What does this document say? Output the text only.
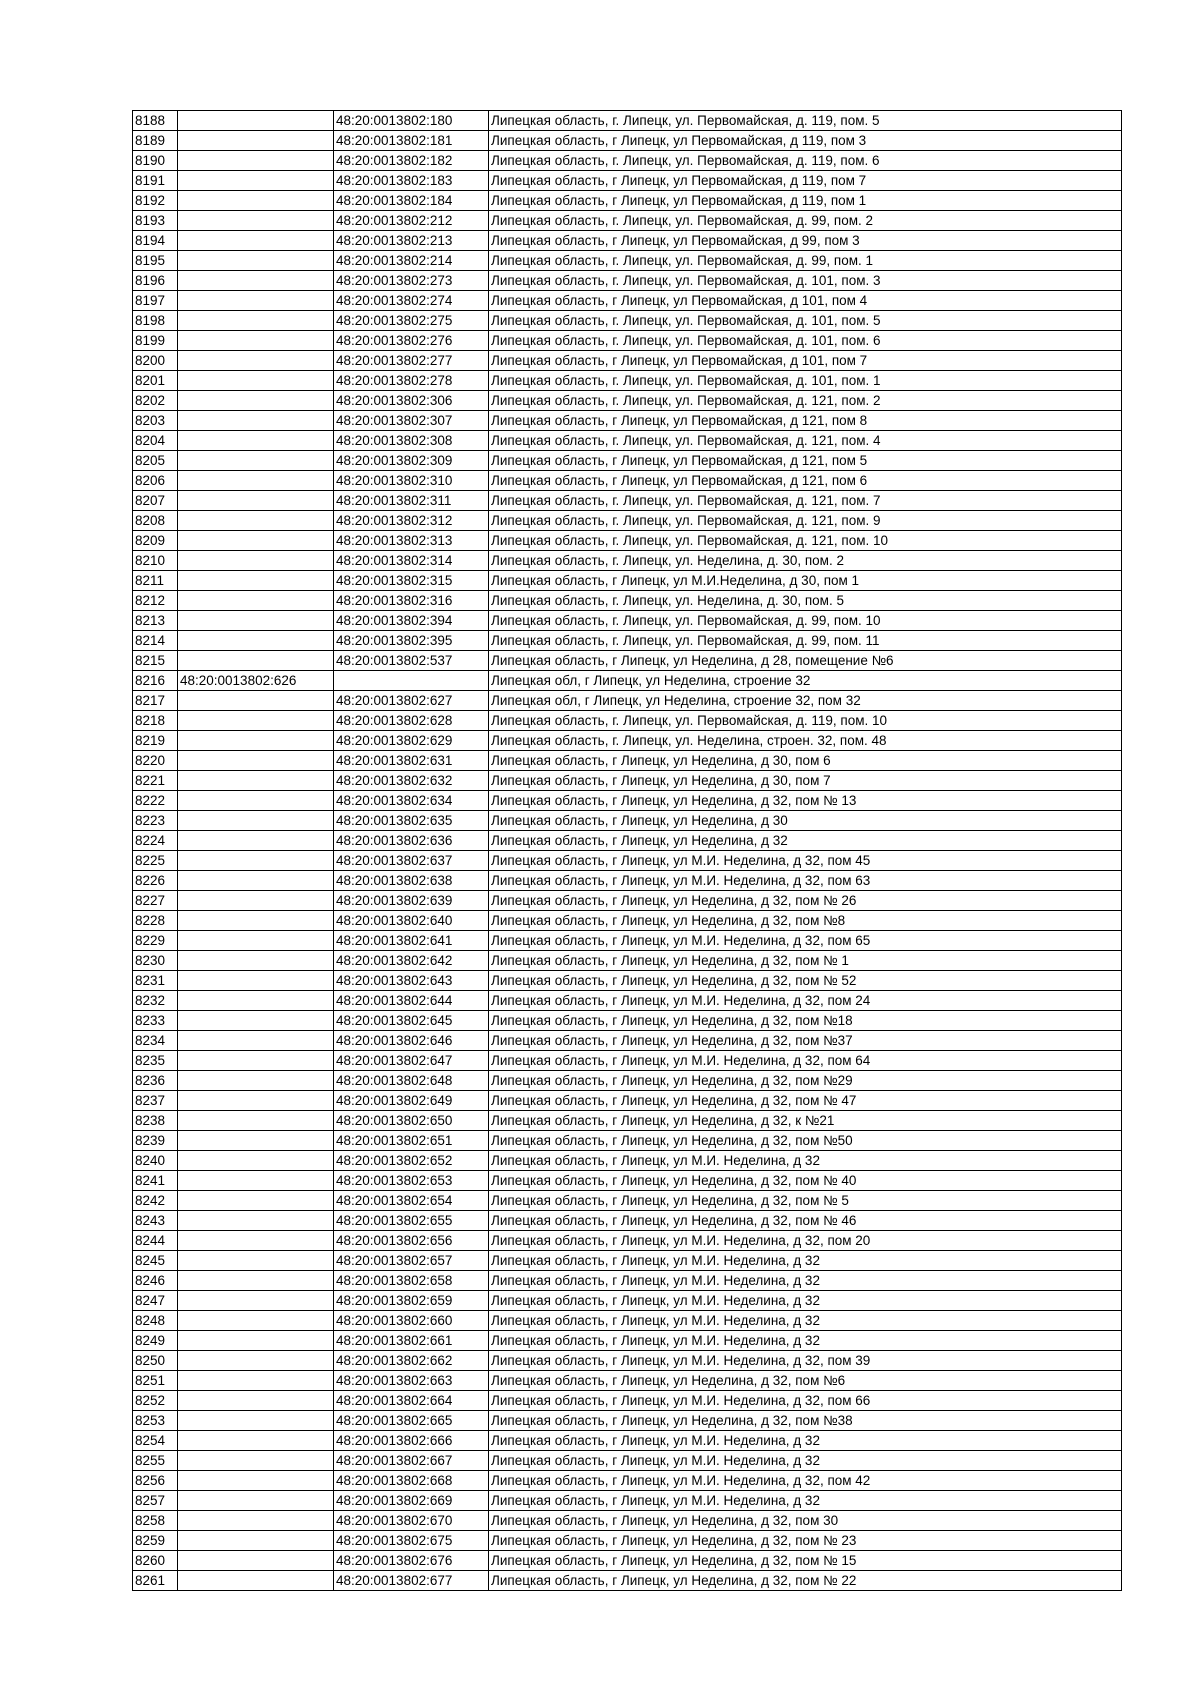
8188		48:20:0013802:180	Липецкая область, г. Липецк, ул. Первомайская, д. 119, пом. 5
8189		48:20:0013802:181	Липецкая область, г Липецк, ул Первомайская, д 119, пом 3
8190		48:20:0013802:182	Липецкая область, г. Липецк, ул. Первомайская, д. 119, пом. 6
8191		48:20:0013802:183	Липецкая область, г Липецк, ул Первомайская, д 119, пом 7
8192		48:20:0013802:184	Липецкая область, г Липецк, ул Первомайская, д 119, пом 1
8193		48:20:0013802:212	Липецкая область, г. Липецк, ул. Первомайская, д. 99, пом. 2
8194		48:20:0013802:213	Липецкая область, г Липецк, ул Первомайская, д 99, пом 3
8195		48:20:0013802:214	Липецкая область, г. Липецк, ул. Первомайская, д. 99, пом. 1
8196		48:20:0013802:273	Липецкая область, г. Липецк, ул. Первомайская, д. 101, пом. 3
8197		48:20:0013802:274	Липецкая область, г Липецк, ул Первомайская, д 101, пом 4
8198		48:20:0013802:275	Липецкая область, г. Липецк, ул. Первомайская, д. 101, пом. 5
8199		48:20:0013802:276	Липецкая область, г. Липецк, ул. Первомайская, д. 101, пом. 6
8200		48:20:0013802:277	Липецкая область, г Липецк, ул Первомайская, д 101, пом 7
8201		48:20:0013802:278	Липецкая область, г. Липецк, ул. Первомайская, д. 101, пом. 1
8202		48:20:0013802:306	Липецкая область, г. Липецк, ул. Первомайская, д. 121, пом. 2
8203		48:20:0013802:307	Липецкая область, г Липецк, ул Первомайская, д 121, пом 8
8204		48:20:0013802:308	Липецкая область, г. Липецк, ул. Первомайская, д. 121, пом. 4
8205		48:20:0013802:309	Липецкая область, г Липецк, ул Первомайская, д 121, пом 5
8206		48:20:0013802:310	Липецкая область, г Липецк, ул Первомайская, д 121, пом 6
8207		48:20:0013802:311	Липецкая область, г. Липецк, ул. Первомайская, д. 121, пом. 7
8208		48:20:0013802:312	Липецкая область, г. Липецк, ул. Первомайская, д. 121, пом. 9
8209		48:20:0013802:313	Липецкая область, г. Липецк, ул. Первомайская, д. 121, пом. 10
8210		48:20:0013802:314	Липецкая область, г. Липецк, ул. Неделина, д. 30, пом. 2
8211		48:20:0013802:315	Липецкая область, г Липецк, ул М.И.Неделина, д 30, пом 1
8212		48:20:0013802:316	Липецкая область, г. Липецк, ул. Неделина, д. 30, пом. 5
8213		48:20:0013802:394	Липецкая область, г. Липецк, ул. Первомайская, д. 99, пом. 10
8214		48:20:0013802:395	Липецкая область, г. Липецк, ул. Первомайская, д. 99, пом. 11
8215		48:20:0013802:537	Липецкая область, г Липецк, ул Неделина, д 28, помещение №6
8216	48:20:0013802:626		Липецкая обл, г Липецк, ул Неделина, строение 32
8217		48:20:0013802:627	Липецкая обл, г Липецк, ул Неделина, строение 32, пом 32
8218		48:20:0013802:628	Липецкая область, г. Липецк, ул. Первомайская, д. 119, пом. 10
8219		48:20:0013802:629	Липецкая область, г. Липецк, ул. Неделина, строен. 32, пом. 48
8220		48:20:0013802:631	Липецкая область, г Липецк, ул Неделина, д 30, пом 6
8221		48:20:0013802:632	Липецкая область, г Липецк, ул Неделина, д 30, пом 7
8222		48:20:0013802:634	Липецкая область, г Липецк, ул Неделина, д 32, пом № 13
8223		48:20:0013802:635	Липецкая область, г Липецк, ул Неделина, д 30
8224		48:20:0013802:636	Липецкая область, г Липецк, ул Неделина, д 32
8225		48:20:0013802:637	Липецкая область, г Липецк, ул М.И. Неделина, д 32, пом 45
8226		48:20:0013802:638	Липецкая область, г Липецк, ул М.И. Неделина, д 32, пом 63
8227		48:20:0013802:639	Липецкая область, г Липецк, ул Неделина, д 32, пом № 26
8228		48:20:0013802:640	Липецкая область, г Липецк, ул Неделина, д 32, пом №8
8229		48:20:0013802:641	Липецкая область, г Липецк, ул М.И. Неделина, д 32, пом 65
8230		48:20:0013802:642	Липецкая область, г Липецк, ул Неделина, д 32, пом № 1
8231		48:20:0013802:643	Липецкая область, г Липецк, ул Неделина, д 32, пом № 52
8232		48:20:0013802:644	Липецкая область, г Липецк, ул М.И. Неделина, д 32, пом 24
8233		48:20:0013802:645	Липецкая область, г Липецк, ул Неделина, д 32, пом №18
8234		48:20:0013802:646	Липецкая область, г Липецк, ул Неделина, д 32, пом №37
8235		48:20:0013802:647	Липецкая область, г Липецк, ул М.И. Неделина, д 32, пом 64
8236		48:20:0013802:648	Липецкая область, г Липецк, ул Неделина, д 32, пом №29
8237		48:20:0013802:649	Липецкая область, г Липецк, ул Неделина, д 32, пом № 47
8238		48:20:0013802:650	Липецкая область, г Липецк, ул Неделина, д 32, к №21
8239		48:20:0013802:651	Липецкая область, г Липецк, ул Неделина, д 32, пом №50
8240		48:20:0013802:652	Липецкая область, г Липецк, ул М.И. Неделина, д 32
8241		48:20:0013802:653	Липецкая область, г Липецк, ул Неделина, д 32, пом № 40
8242		48:20:0013802:654	Липецкая область, г Липецк, ул Неделина, д 32, пом № 5
8243		48:20:0013802:655	Липецкая область, г Липецк, ул Неделина, д 32, пом № 46
8244		48:20:0013802:656	Липецкая область, г Липецк, ул М.И. Неделина, д 32, пом 20
8245		48:20:0013802:657	Липецкая область, г Липецк, ул М.И. Неделина, д 32
8246		48:20:0013802:658	Липецкая область, г Липецк, ул М.И. Неделина, д 32
8247		48:20:0013802:659	Липецкая область, г Липецк, ул М.И. Неделина, д 32
8248		48:20:0013802:660	Липецкая область, г Липецк, ул М.И. Неделина, д 32
8249		48:20:0013802:661	Липецкая область, г Липецк, ул М.И. Неделина, д 32
8250		48:20:0013802:662	Липецкая область, г Липецк, ул М.И. Неделина, д 32, пом 39
8251		48:20:0013802:663	Липецкая область, г Липецк, ул Неделина, д 32, пом №6
8252		48:20:0013802:664	Липецкая область, г Липецк, ул М.И. Неделина, д 32, пом 66
8253		48:20:0013802:665	Липецкая область, г Липецк, ул Неделина, д 32, пом №38
8254		48:20:0013802:666	Липецкая область, г Липецк, ул М.И. Неделина, д 32
8255		48:20:0013802:667	Липецкая область, г Липецк, ул М.И. Неделина, д 32
8256		48:20:0013802:668	Липецкая область, г Липецк, ул М.И. Неделина, д 32, пом 42
8257		48:20:0013802:669	Липецкая область, г Липецк, ул М.И. Неделина, д 32
8258		48:20:0013802:670	Липецкая область, г Липецк, ул Неделина, д 32, пом 30
8259		48:20:0013802:675	Липецкая область, г Липецк, ул Неделина, д 32, пом № 23
8260		48:20:0013802:676	Липецкая область, г Липецк, ул Неделина, д 32, пом № 15
8261		48:20:0013802:677	Липецкая область, г Липецк, ул Неделина, д 32, пом № 22
